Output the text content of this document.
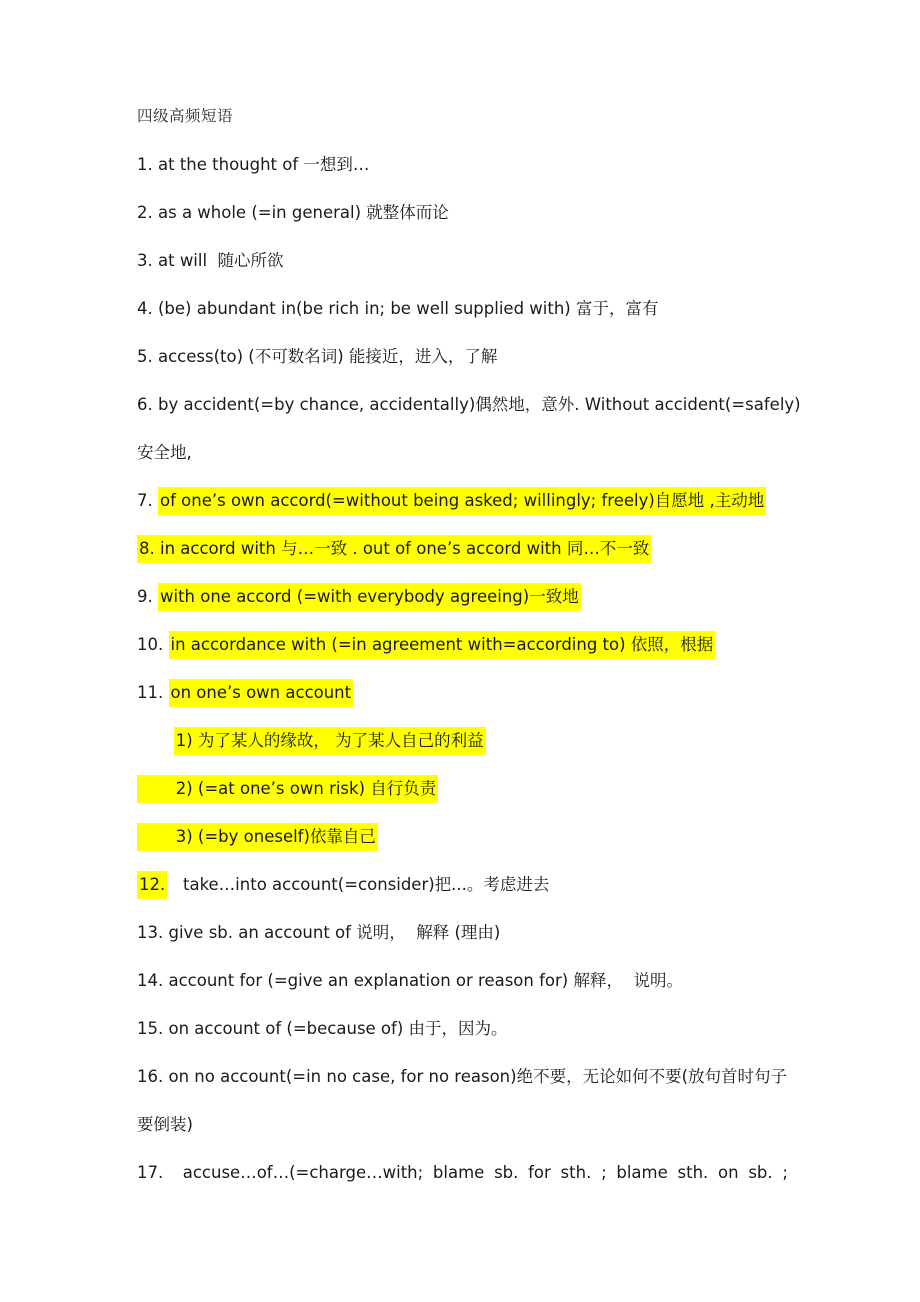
四级高频短语

1. at the thought of 一想到…

2. as a whole (=in general) 就整体而论

3. at will  随心所欲

4. (be) abundant in(be rich in; be well supplied with) 富于，富有

5. access(to) (不可数名词) 能接近，进入，了解

6. by accident(=by chance, accidentally)偶然地，意外. Without accident(=safely)

安全地,

7. of one’s own accord(=without being asked; willingly; freely)自愿地 ,主动地

8. in accord with 与…一致 . out of one’s accord with 同…不一致

9. with one accord (=with everybody agreeing)一致地

10. in accordance with (=in agreement with=according to) 依照，根据

11. on one’s own account

1) 为了某人的缘故， 为了某人自己的利益

2) (=at one’s own risk) 自行负责

3) (=by oneself)依靠自己

12.   take…into account(=consider)把...。考虑进去

13. give sb. an account of 说明，  解释 (理由)

14. account for (=give an explanation or reason for) 解释，  说明。

15. on account of (=because of) 由于，因为。

16. on no account(=in no case, for no reason)绝不要，无论如何不要(放句首时句子

要倒装)

17.  accuse…of…(=charge…with; blame sb. for sth. ; blame sth. on sb. ;
